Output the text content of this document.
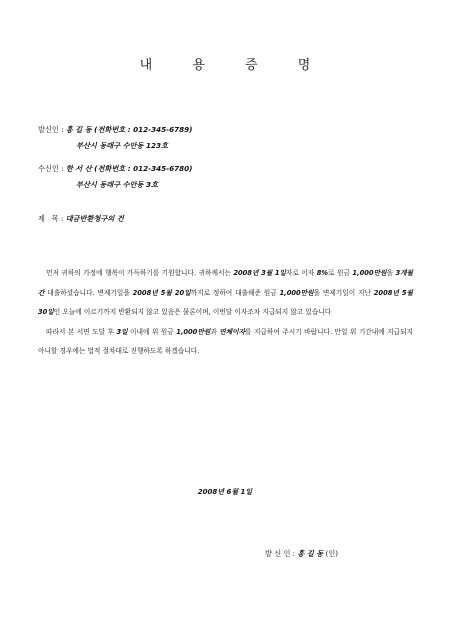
내 용 증 명
발신인 : 홍 길 동 (전화번호 : 012-345-6789)
부산시 동래구 수안동 123호
수신인 : 한 서 산 (전화번호 : 012-345-6780)
부산시 동래구 수안동 3호
제   목 : 대금반환청구의 건

먼저 귀하의 가정에 행복이 가득하기를 기원합니다. 귀하께서는 2008년 3월 1일자로 이자 8%로 원금 1,000만원을 3개월간 대출하셨습니다. 변제기일을 2008년 5월 20일까지로 정하여 대출해준 원금 1,000만원을 변제기일이 지난 2008년 5월 30일인 오늘에 이르기까지 반환되지 않고 있음은 물론이며, 이번달 이자조차 지급되지 않고 있습니다

따라서 본 서면 도달 후 3일 이내에 위 원금 1,000만원과 연체이자를 지급하여 주시기 바랍니다. 만일 위 기간내에 지급되지 아니할 경우에는 법적 절차대로 진행하도록 하겠습니다.

2008년 6월 1일
발 신 인 : 홍 길 동 (인)
